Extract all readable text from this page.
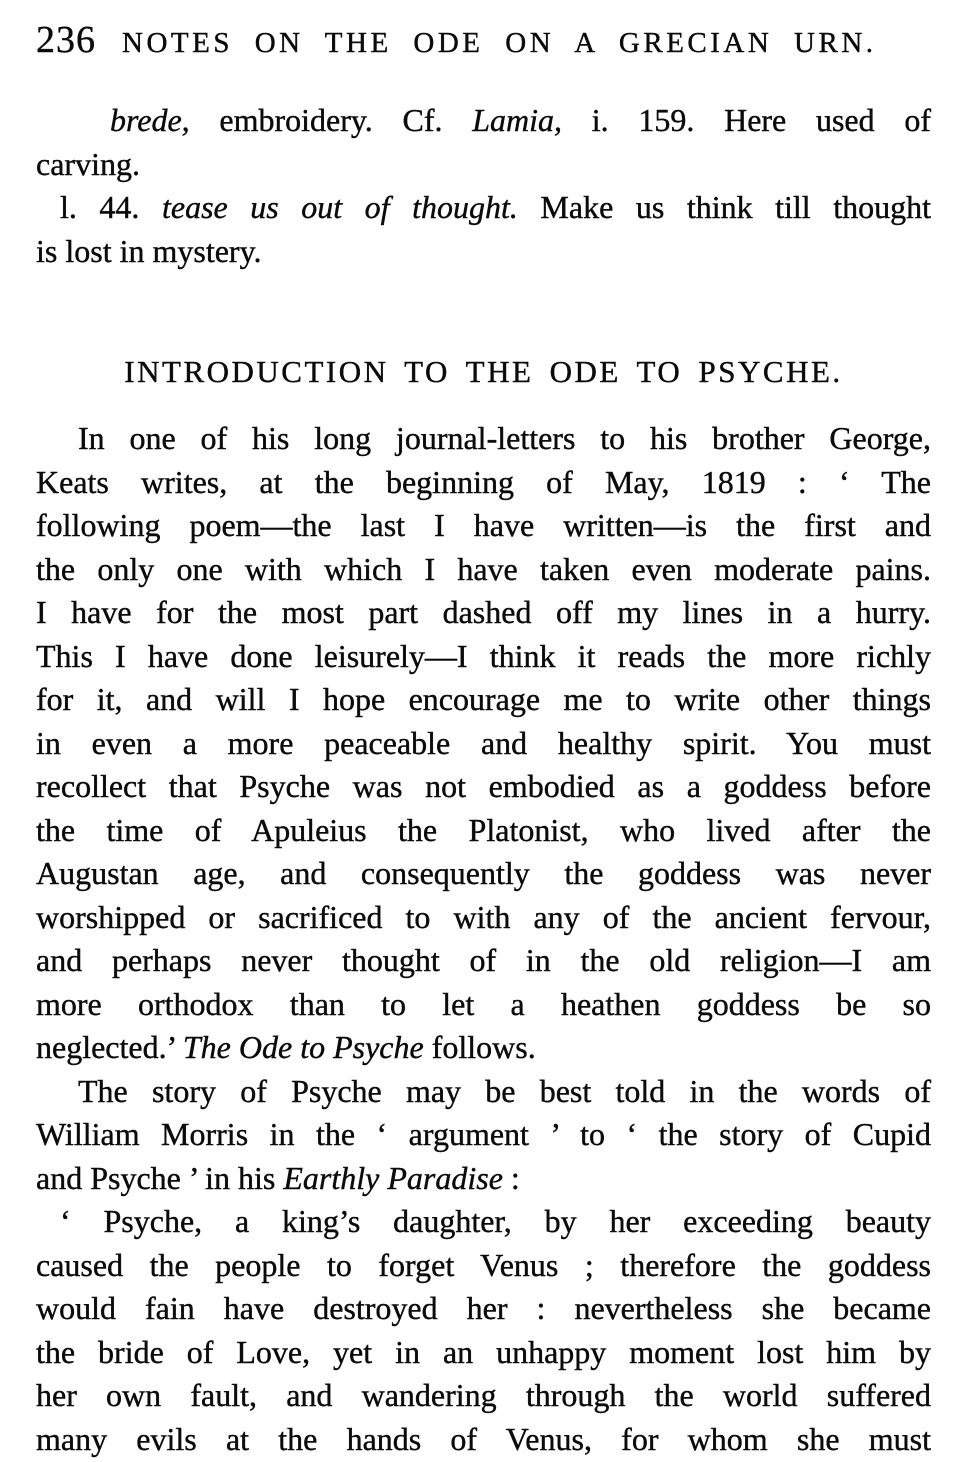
236 NOTES ON THE ODE ON A GRECIAN URN.

brede, embroidery. Cf. Lamia, i. 159. Here used of
carving.

l. 44. tease us out of thought. Make us think till thought
is lost in mystery.

INTRODUCTION TO THE ODE TO PSYCHE.

In one of his long journal-letters to his brother George,
Keats writes, at the beginning of May, 1819 : ‘ The
following poem—the last I have written—is the first and
the only one with which I have taken even moderate pains.
I have for the most part dashed off my lines in a hurry.
This I have done leisurely—I think it reads the more richly
for it, and will I hope encourage me to write other things
in even a more peaceable and healthy spirit. You must
recollect that Psyche was not embodied as a goddess before
the time of Apuleius the Platonist, who lived after the
Augustan age, and consequently the goddess was never
worshipped or sacrificed to with any of the ancient fervour,
and perhaps never thought of in the old religion—I am
more orthodox than to let a heathen goddess be so
neglected.’ The Ode to Psyche follows.

The story of Psyche may be best told in the words of
William Morris in the ‘ argument ’ to ‘ the story of Cupid
and Psyche ’ in his Earthly Paradise :

‘ Psyche, a king’s daughter, by her exceeding beauty
caused the people to forget Venus ; therefore the goddess
would fain have destroyed her : nevertheless she became
the bride of Love, yet in an unhappy moment lost him by
her own fault, and wandering through the world suffered
many evils at the hands of Venus, for whom she must
